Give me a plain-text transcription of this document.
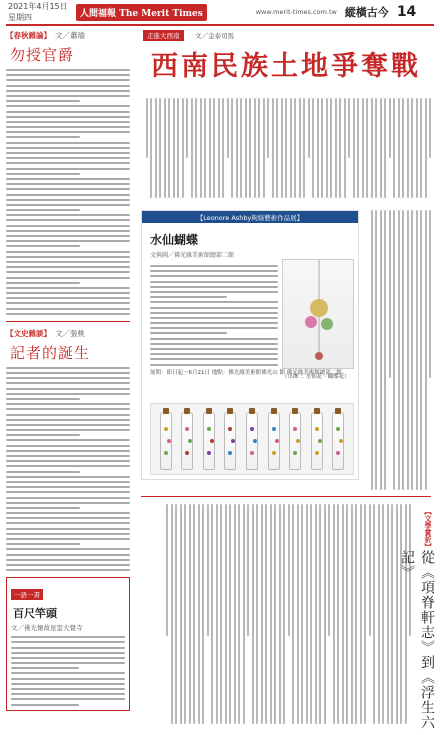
2021年4月15日 星期四	人間福報 The Merit Times	www.merit-times.com.tw 縱橫古今 14
【春秋雜論】 文／蕭瑜
勿授官爵
【文史雜談】 文／張桃
記者的誕生
一語一書
百尺竿頭
文／佛光懷故星雲大覺寺
走進大西南	文／金泰司馬
西南民族土地爭奪戰
【Leonore Ashby夠綠藝術作品展】
水仙蝴蝶
文與圖／佛光緣美術館總部二館
（吊飾三 水仙花・蝴蝶花）
展期：即日起～6月21日 地點：佛光緣美術館佛光山 館 佛光緣美術館總部二館
【文學賞析】
從《項脊軒志》到《浮生六記》
